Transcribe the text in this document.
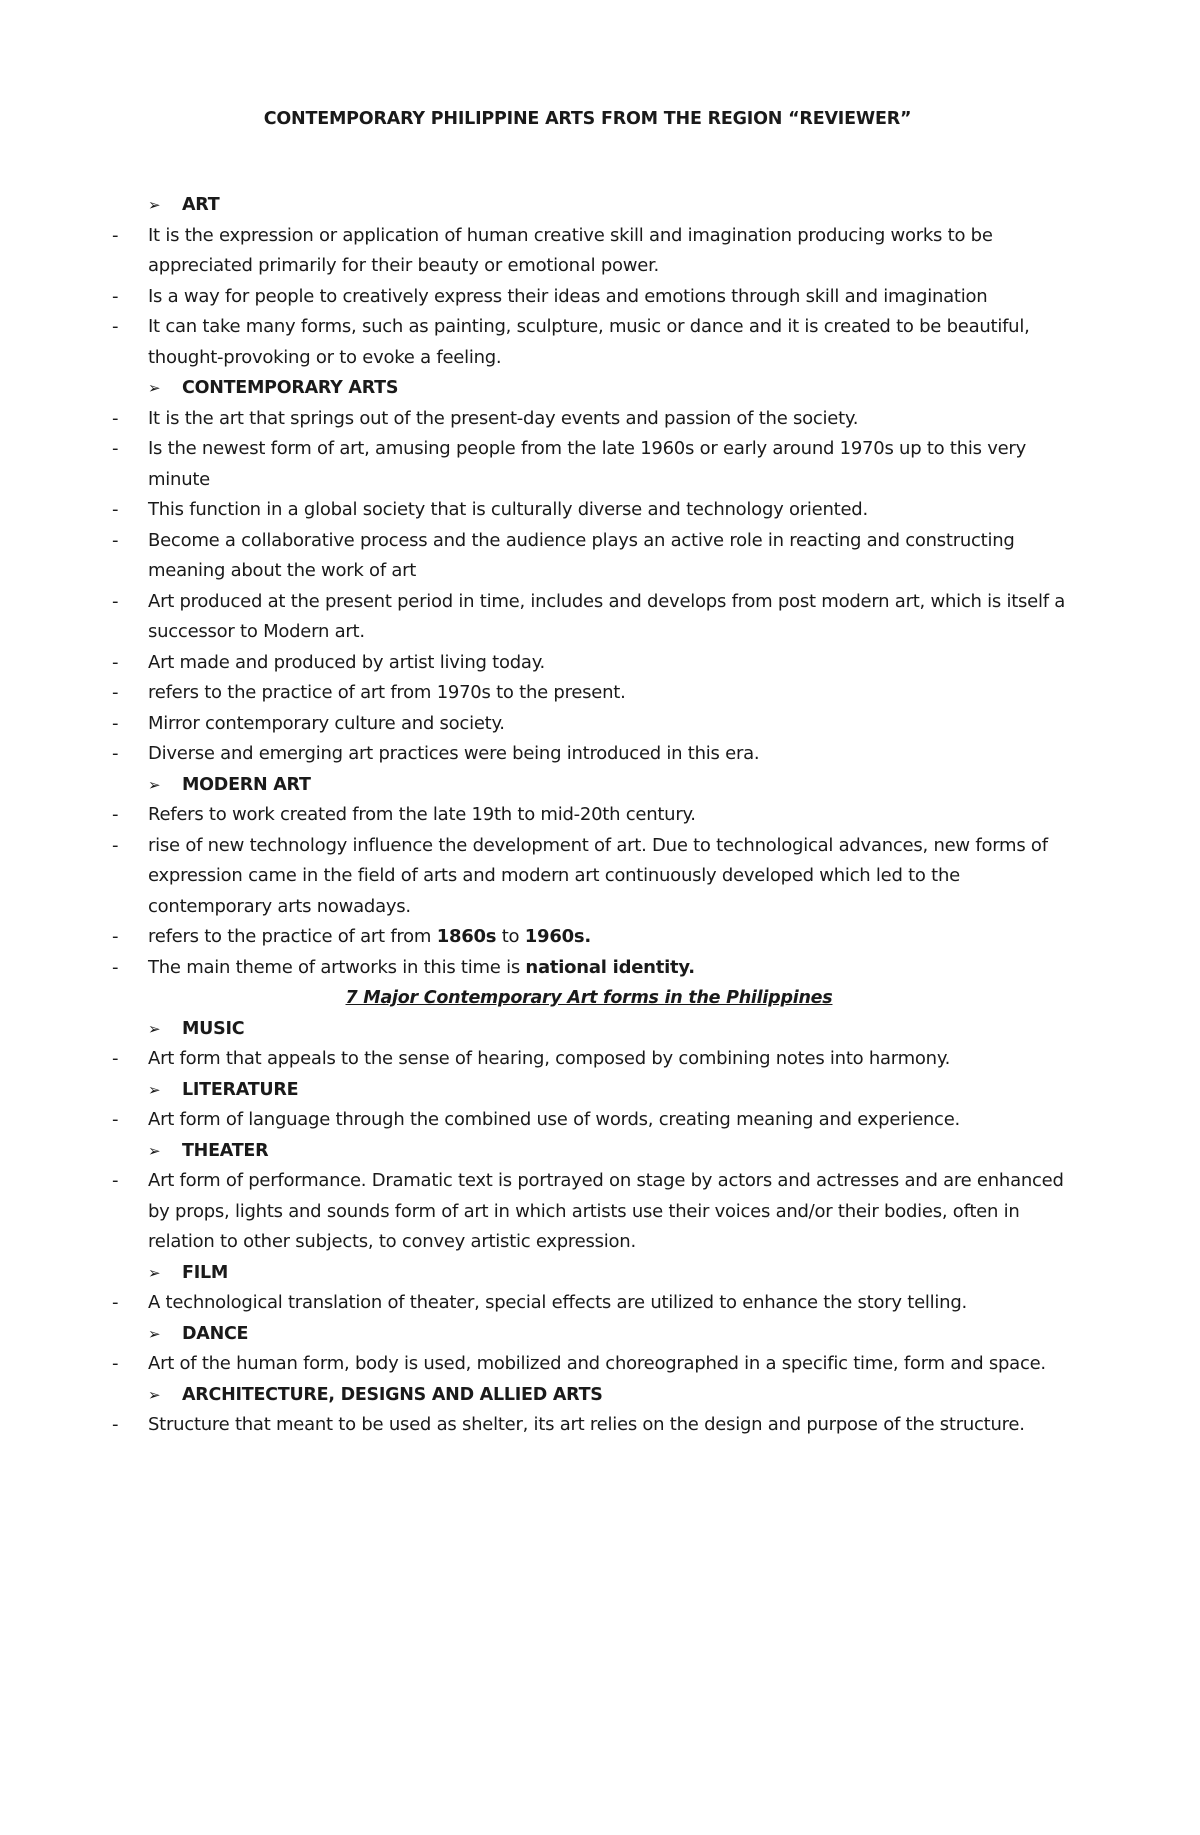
CONTEMPORARY PHILIPPINE ARTS FROM THE REGION “REVIEWER”
➢	ART
-	It is the expression or application of human creative skill and imagination producing works to be appreciated primarily for their beauty or emotional power.
-	Is a way for people to creatively express their ideas and emotions through skill and imagination
-	It can take many forms, such as painting, sculpture, music or dance and it is created to be beautiful, thought-provoking or to evoke a feeling.
➢	CONTEMPORARY ARTS
-	It is the art that springs out of the present-day events and passion of the society.
-	Is the newest form of art, amusing people from the late 1960s or early around 1970s up to this very minute
-	This function in a global society that is culturally diverse and technology oriented.
-	Become a collaborative process and the audience plays an active role in reacting and constructing meaning about the work of art
-	Art produced at the present period in time, includes and develops from post modern art, which is itself a successor to Modern art.
-	Art made and produced by artist living today.
-	refers to the practice of art from 1970s to the present.
-	Mirror contemporary culture and society.
-	Diverse and emerging art practices were being introduced in this era.
➢	MODERN ART
-	Refers to work created from the late 19th to mid-20th century.
-	rise of new technology influence the development of art. Due to technological advances, new forms of expression came in the field of arts and modern art continuously developed which led to the contemporary arts nowadays.
-	refers to the practice of art from 1860s to 1960s.
-	The main theme of artworks in this time is national identity.
7 Major Contemporary Art forms in the Philippines
➢	MUSIC
-	Art form that appeals to the sense of hearing, composed by combining notes into harmony.
➢	LITERATURE
-	Art form of language through the combined use of words, creating meaning and experience.
➢	THEATER
-	Art form of performance. Dramatic text is portrayed on stage by actors and actresses and are enhanced by props, lights and sounds form of art in which artists use their voices and/or their bodies, often in relation to other subjects, to convey artistic expression.
➢	FILM
-	A technological translation of theater, special effects are utilized to enhance the story telling.
➢	DANCE
-	Art of the human form, body is used, mobilized and choreographed in a specific time, form and space.
➢	ARCHITECTURE, DESIGNS AND ALLIED ARTS
-	Structure that meant to be used as shelter, its art relies on the design and purpose of the structure.
